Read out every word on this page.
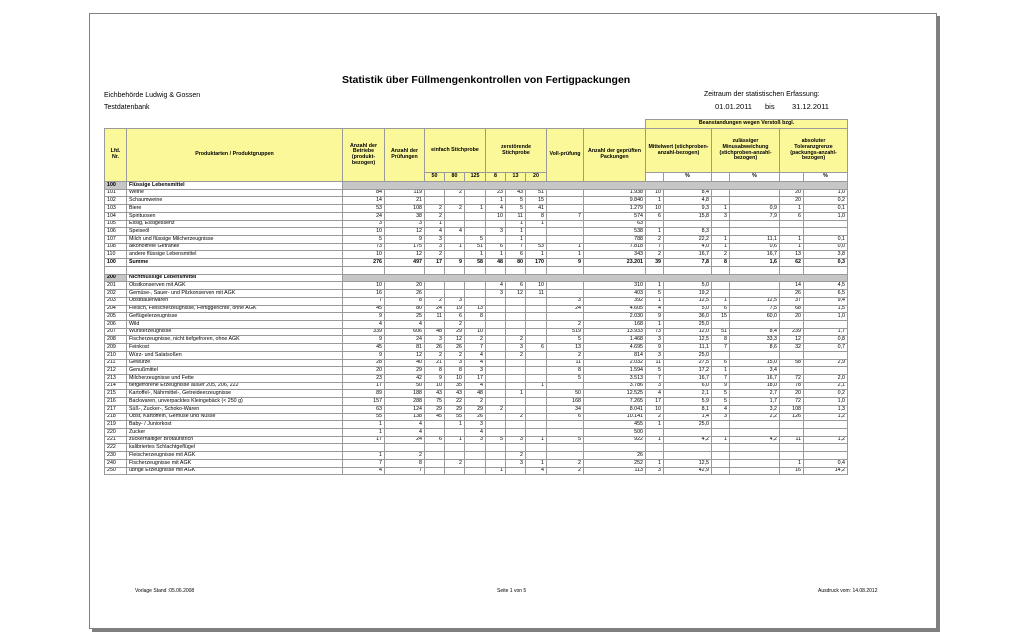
Statistik über Füllmengenkontrollen von Fertigpackungen
Eichbehörde Ludwig & Gossen
Testdatenbank
Zeitraum der statistischen Erfassung:
01.01.2011 bis 31.12.2011
												Beanstandungen wegen Verstoß bzgl.					
Lfd. Nr.	Produktarten / Produktgruppen	Anzahl der Betriebe (produkt-bezogen)	Anzahl der Prüfungen	einfach Stichprobe			zerstörende Stichprobe			Voll-prüfung	Anzahl der geprüften Packungen	Mittelwert (stichproben-anzahl-bezogen)		zulässiger Minusabweichung (stichproben-anzahl-bezogen)		absoluter Toleranzgrenze (packungs-anzahl-bezogen)	
				50	80	125	8	13	20				%		%		%
100	Flüssige Lebensmittel																
101	Weine	84	119		2		23	43	51		1.938	10	8,4			20	1,0
102	Schaumweine	14	21				1	5	15		9.840	1	4,8			20	0,2
103	Biere	53	108	2	2	1	4	5	41		1.279	10	9,3	1	0,9	1	0,1
104	Spirituosen	24	38	2			10	11	8	7	574	6	15,8	3	7,9	6	1,0
105	Essig, Essigessenz	3	3	1				1	1		63						
106	Speiseöl	10	12	4	4		3	1			538	1	8,3				
107	Milch und flüssige Milcherzeugnisse	5	9	3		5		1			788	2	22,2	1	11,1	1	0,1
108	alkoholfreie Getränke	73	175	3	1	51	6	7	53	1	7.818	7	4,0	1	0,6	1	0,0
110	andere flüssige Lebensmittel	10	12	2		1	1	6	1	1	343	2	16,7	2	16,7	13	3,8
100	Summe	276	497	17	9	58	48	80	170	9	23.201	39	7,8	8	1,6	62	0,3

200	Nichtflüssige Lebensmittel																
201	Obstkonserven mit AGK	10	20				4	6	10		310	1	5,0			14	4,5
202	Gemüse-, Sauer- und Pilzkonserven mit AGK	16	26				3	12	11		403	5	19,2			26	6,5
203	Obstdauerwaren	7	8	2	3					3	392	1	12,5	1	12,5	37	9,4
204	Fleisch, Fleischerzeugnisse, Fertiggerichte, ohne AGK	45	80	24	19	13				24	4.605	4	5,0	6	7,5	68	1,5
205	Geflügelerzeugnisse	9	25	11	6	8					2.030	9	36,0	15	60,0	20	1,0
206	Wild	4	4		2					2	168	1	25,0				
207	Wursterzeugnisse	339	606	48	29	10				519	13.933	73	12,0	51	8,4	239	1,7
208	Fischerzeugnisse, nicht tiefgefroren, ohne AGK	9	24	3	12	2		2		5	1.468	3	12,5	8	33,3	12	0,8
209	Feinkost	45	81	26	26	7		3	6	13	4.695	9	11,1	7	8,6	32	0,7
210	Würz- und Salatsoßen	9	12	2	2	4		2		2	814	3	25,0				
211	Gewürze	28	40	21	3	4				11	2.032	11	27,5	6	15,0	58	2,9
212	Genußmittel	20	29	8	8	3				8	1.594	5	17,2	1	3,4		
213	Milcherzeugnisse und Fette	23	42	9	10	17				5	3.513	7	16,7	7	16,7	72	2,0
214	tiefgefrorene Erzeugnisse außer 205, 206, 222	17	50	10	35	4			1		3.786	3	6,0	9	18,0	78	2,1
215	Kartoffel-, Nährmittel-, Getreideerzeugnisse	89	188	43	43	48		1		50	12.525	4	2,1	5	2,7	20	0,2
216	Backwaren, unverpacktes Kleingebäck (< 250 g)	157	288	75	22	2				168	7.265	17	5,9	5	1,7	72	1,0
217	Süß-, Zucker-, Schoko-Waren	63	124	29	29	29	2			34	8.041	10	8,1	4	3,2	108	1,3
218	Obst, Kartoffeln, Gemüse und Nüsse	55	138	45	55	26		2		6	10.141	2	1,4	3	2,2	126	1,2
219	Baby- / Juniorkost	1	4		1	3					455	1	25,0				
220	Zucker	1	4			4					500						
221	zuckerhaltiger Brotaufstrich	17	24	6	1	3	5	3	1	5	922	1	4,2	1	4,2	11	1,2
222	kalibriertes Schlachtgeflügel																
230	Fleischerzeugnisse mit AGK	1	2					2			26						
240	Fischerzeugnisse mit AGK	7	8		2			3	1	2	252	1	12,5			1	0,4
250	übrige Erzeugnisse mit AGK	4	7				1		4	2	113	3	42,9			16	14,2
Vorlage Stand :05.06.2008	Seite 1 von 5	Ausdruck vom: 14.08.2012
